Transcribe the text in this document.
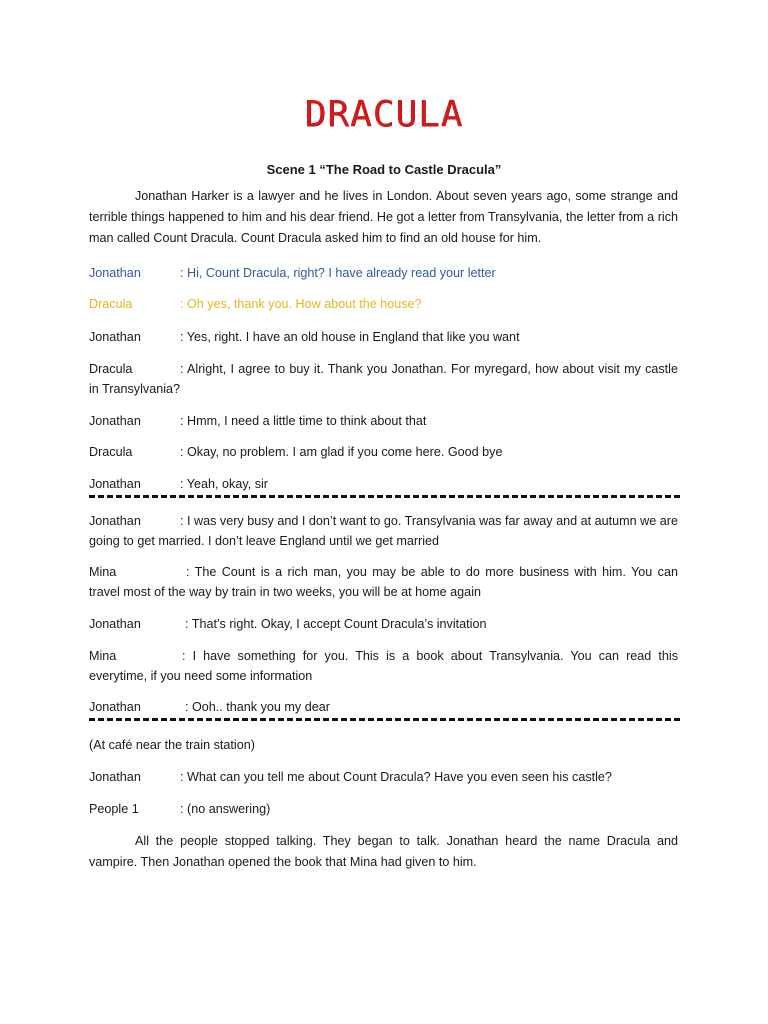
DRACULA
Scene 1 “The Road to Castle Dracula”
Jonathan Harker is a lawyer and he lives in London. About seven years ago, some strange and terrible things happened to him and his dear friend. He got a letter from Transylvania, the letter from a rich man called Count Dracula. Count Dracula asked him to find an old house for him.
Jonathan	: Hi, Count Dracula, right? I have already read your letter
Dracula	: Oh yes, thank you. How about the house?
Jonathan	: Yes, right. I have an old house in England that like you want
Dracula	: Alright, I agree to buy it. Thank you Jonathan. For myregard, how about visit my castle in Transylvania?
Jonathan	: Hmm, I need a little time to think about that
Dracula	: Okay, no problem. I am glad if you come here. Good bye
Jonathan	: Yeah, okay, sir
Jonathan	: I was very busy and I don’t want to go. Transylvania was far away and at autumn we are going to get married. I don’t leave England until we get married
Mina	: The Count is a rich man, you may be able to do more business with him. You can travel most of the way by train in two weeks, you will be at home again
Jonathan	: That’s right. Okay, I accept Count Dracula’s invitation
Mina	: I have something for you. This is a book about Transylvania. You can read this everytime, if you need some information
Jonathan	: Ooh.. thank you my dear
(At café near the train station)
Jonathan	: What can you tell me about Count Dracula? Have you even seen his castle?
People 1	: (no answering)
All the people stopped talking. They began to talk. Jonathan heard the name Dracula and vampire. Then Jonathan opened the book that Mina had given to him.
